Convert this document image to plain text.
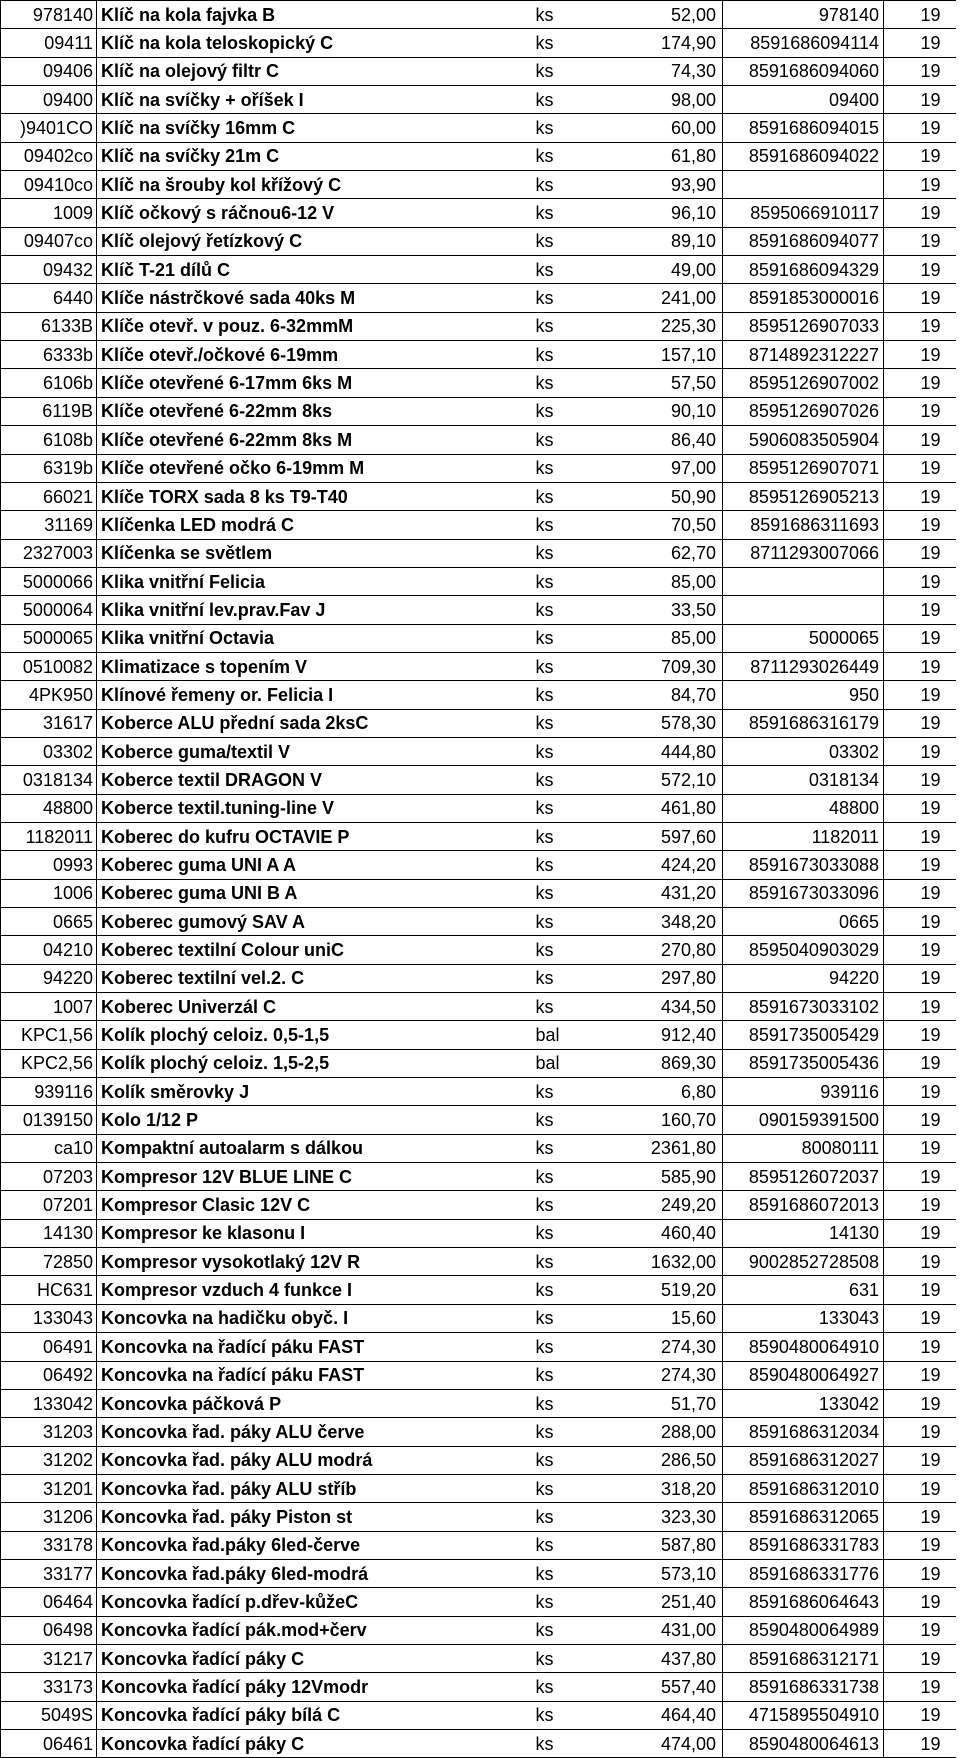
978140	Klíč na kola fajvka B	ks	52,00	978140	19
09411	Klíč na kola teloskopický C	ks	174,90	8591686094114	19
09406	Klíč na olejový filtr C	ks	74,30	8591686094060	19
09400	Klíč na svíčky + oříšek I	ks	98,00	09400	19
)9401CO	Klíč na svíčky 16mm C	ks	60,00	8591686094015	19
09402co	Klíč na svíčky 21m C	ks	61,80	8591686094022	19
09410co	Klíč na šrouby kol křížový C	ks	93,90		19
1009	Klíč očkový s ráčnou6-12 V	ks	96,10	8595066910117	19
09407co	Klíč olejový řetízkový C	ks	89,10	8591686094077	19
09432	Klíč T-21 dílů C	ks	49,00	8591686094329	19
6440	Klíče nástrčkové sada 40ks M	ks	241,00	8591853000016	19
6133B	Klíče otevř. v pouz. 6-32mmM	ks	225,30	8595126907033	19
6333b	Klíče otevř./očkové 6-19mm	ks	157,10	8714892312227	19
6106b	Klíče otevřené 6-17mm 6ks M	ks	57,50	8595126907002	19
6119B	Klíče otevřené 6-22mm 8ks	ks	90,10	8595126907026	19
6108b	Klíče otevřené 6-22mm 8ks M	ks	86,40	5906083505904	19
6319b	Klíče otevřené očko 6-19mm M	ks	97,00	8595126907071	19
66021	Klíče TORX sada 8 ks T9-T40	ks	50,90	8595126905213	19
31169	Klíčenka LED modrá C	ks	70,50	8591686311693	19
2327003	Klíčenka se světlem	ks	62,70	8711293007066	19
5000066	Klika vnitřní Felicia	ks	85,00		19
5000064	Klika vnitřní lev.prav.Fav J	ks	33,50		19
5000065	Klika vnitřní Octavia	ks	85,00	5000065	19
0510082	Klimatizace s topením V	ks	709,30	8711293026449	19
4PK950	Klínové řemeny or. Felicia I	ks	84,70	950	19
31617	Koberce ALU přední sada 2ksC	ks	578,30	8591686316179	19
03302	Koberce guma/textil V	ks	444,80	03302	19
0318134	Koberce textil DRAGON V	ks	572,10	0318134	19
48800	Koberce textil.tuning-line V	ks	461,80	48800	19
1182011	Koberec do kufru OCTAVIE P	ks	597,60	1182011	19
0993	Koberec guma UNI A A	ks	424,20	8591673033088	19
1006	Koberec guma UNI B A	ks	431,20	8591673033096	19
0665	Koberec gumový SAV A	ks	348,20	0665	19
04210	Koberec textilní Colour uniC	ks	270,80	8595040903029	19
94220	Koberec textilní vel.2. C	ks	297,80	94220	19
1007	Koberec Univerzál C	ks	434,50	8591673033102	19
KPC1,56	Kolík plochý celoiz. 0,5-1,5	bal	912,40	8591735005429	19
KPC2,56	Kolík plochý celoiz. 1,5-2,5	bal	869,30	8591735005436	19
939116	Kolík směrovky J	ks	6,80	939116	19
0139150	Kolo 1/12 P	ks	160,70	090159391500	19
ca10	Kompaktní autoalarm s dálkou	ks	2361,80	80080111	19
07203	Kompresor 12V BLUE LINE C	ks	585,90	8595126072037	19
07201	Kompresor Clasic 12V C	ks	249,20	8591686072013	19
14130	Kompresor ke klasonu I	ks	460,40	14130	19
72850	Kompresor vysokotlaký 12V R	ks	1632,00	9002852728508	19
HC631	Kompresor vzduch 4 funkce I	ks	519,20	631	19
133043	Koncovka na hadičku obyč. I	ks	15,60	133043	19
06491	Koncovka na řadící páku FAST	ks	274,30	8590480064910	19
06492	Koncovka na řadící páku FAST	ks	274,30	8590480064927	19
133042	Koncovka páčková P	ks	51,70	133042	19
31203	Koncovka řad. páky ALU červe	ks	288,00	8591686312034	19
31202	Koncovka řad. páky ALU modrá	ks	286,50	8591686312027	19
31201	Koncovka řad. páky ALU stříb	ks	318,20	8591686312010	19
31206	Koncovka řad. páky Piston st	ks	323,30	8591686312065	19
33178	Koncovka řad.páky 6led-červe	ks	587,80	8591686331783	19
33177	Koncovka řad.páky 6led-modrá	ks	573,10	8591686331776	19
06464	Koncovka řadící p.dřev-kůžeC	ks	251,40	8591686064643	19
06498	Koncovka řadící pák.mod+červ	ks	431,00	8590480064989	19
31217	Koncovka řadící páky C	ks	437,80	8591686312171	19
33173	Koncovka řadící páky 12Vmodr	ks	557,40	8591686331738	19
5049S	Koncovka řadící páky bílá C	ks	464,40	4715895504910	19
06461	Koncovka řadící páky C	ks	474,00	8590480064613	19
